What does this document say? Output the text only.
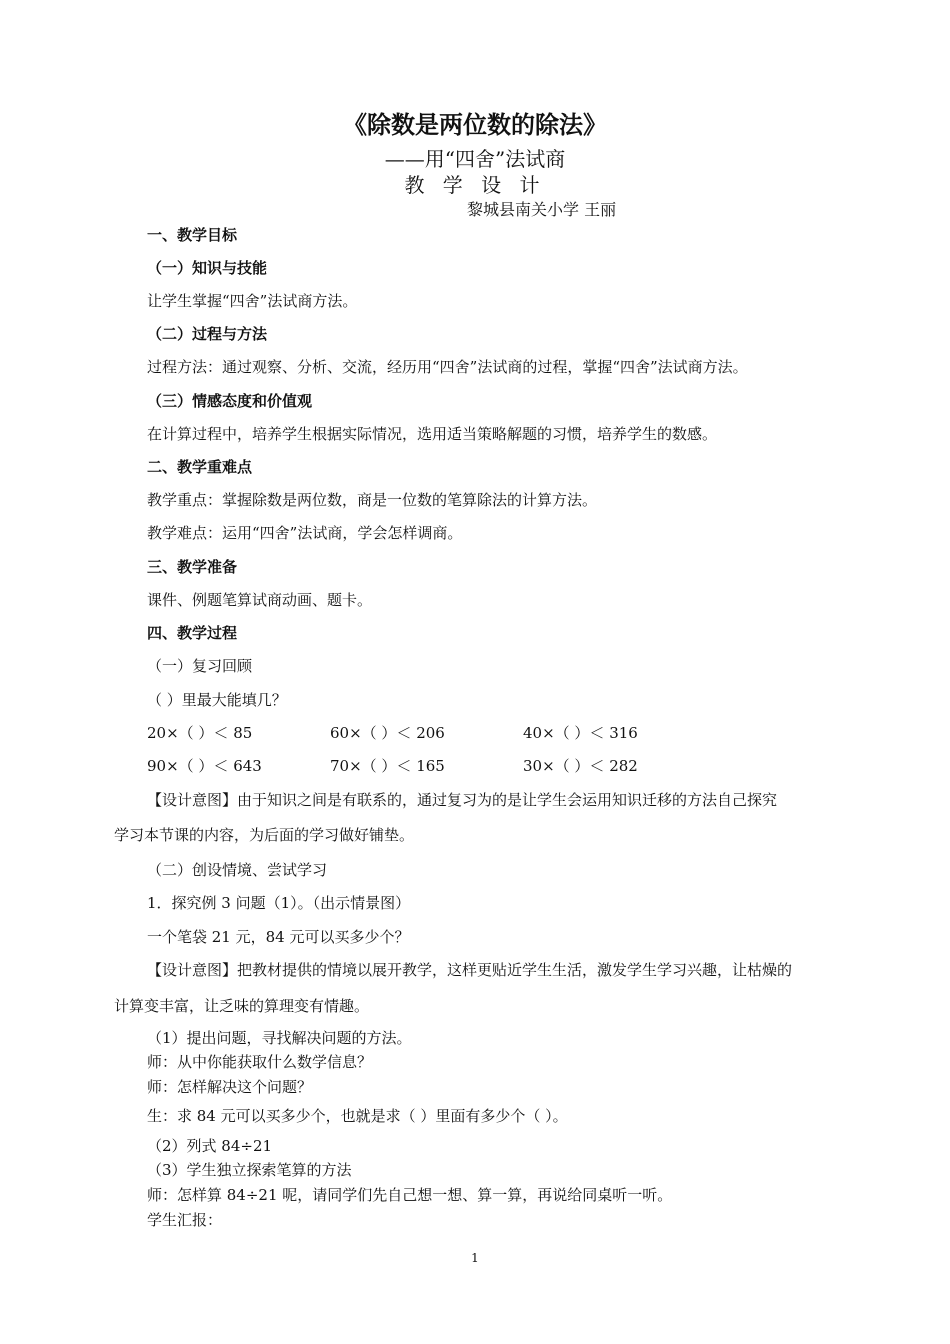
《除数是两位数的除法》
——用“四舍”法试商
教 学 设 计
黎城县南关小学 王丽
一、教学目标
（一）知识与技能
让学生掌握“四舍”法试商方法。
（二）过程与方法
过程方法：通过观察、分析、交流，经历用“四舍”法试商的过程，掌握“四舍”法试商方法。
（三）情感态度和价值观
在计算过程中，培养学生根据实际情况，选用适当策略解题的习惯，培养学生的数感。
二、教学重难点
教学重点：掌握除数是两位数，商是一位数的笔算除法的计算方法。
教学难点：运用“四舍”法试商，学会怎样调商。
三、教学准备
课件、例题笔算试商动画、题卡。
四、教学过程
（一）复习回顾
（ ）里最大能填几？
20×（ ）＜ 85	60×（ ）＜ 206	40×（ ）＜ 316
90×（ ）＜ 643	70×（ ）＜ 165	30×（ ）＜ 282
【设计意图】由于知识之间是有联系的，通过复习为的是让学生会运用知识迁移的方法自己探究
学习本节课的内容，为后面的学习做好铺垫。
（二）创设情境、尝试学习
1．探究例 3 问题（1）。（出示情景图）
一个笔袋 21 元，84 元可以买多少个？
【设计意图】把教材提供的情境以展开教学，这样更贴近学生生活，激发学生学习兴趣，让枯燥的
计算变丰富，让乏味的算理变有情趣。
（1）提出问题，寻找解决问题的方法。
师：从中你能获取什么数学信息？
师：怎样解决这个问题？
生：求 84 元可以买多少个，也就是求（ ）里面有多少个（ ）。
（2）列式 84÷21
（3）学生独立探索笔算的方法
师：怎样算 84÷21 呢，请同学们先自己想一想、算一算，再说给同桌听一听。
学生汇报：
1
